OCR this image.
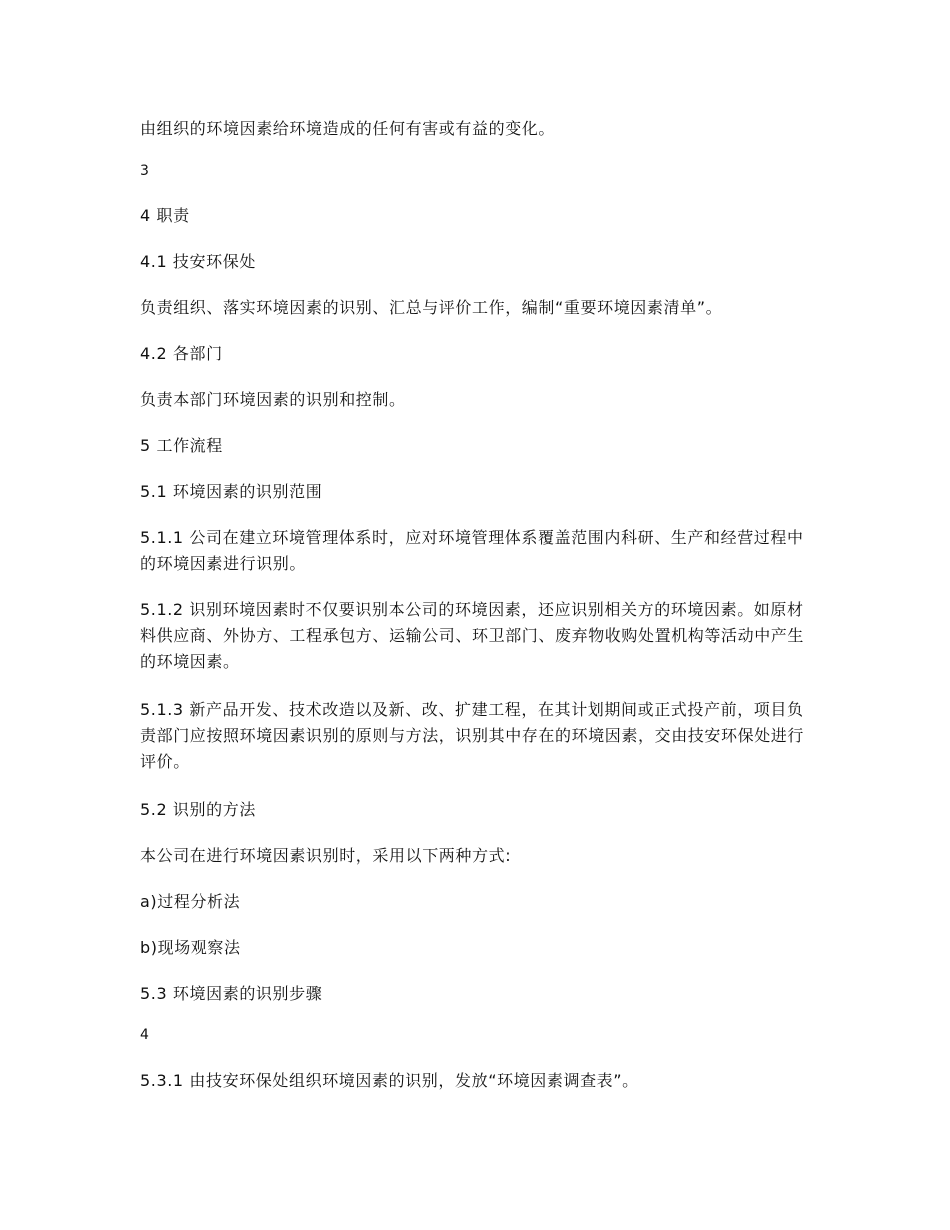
由组织的环境因素给环境造成的任何有害或有益的变化。

3

4 职责

4.1 技安环保处

负责组织、落实环境因素的识别、汇总与评价工作，编制“重要环境因素清单”。

4.2 各部门

负责本部门环境因素的识别和控制。

5 工作流程

5.1 环境因素的识别范围

5.1.1 公司在建立环境管理体系时，应对环境管理体系覆盖范围内科研、生产和经营过程中的环境因素进行识别。

5.1.2 识别环境因素时不仅要识别本公司的环境因素，还应识别相关方的环境因素。如原材料供应商、外协方、工程承包方、运输公司、环卫部门、废弃物收购处置机构等活动中产生的环境因素。

5.1.3 新产品开发、技术改造以及新、改、扩建工程，在其计划期间或正式投产前，项目负责部门应按照环境因素识别的原则与方法，识别其中存在的环境因素，交由技安环保处进行评价。

5.2 识别的方法

本公司在进行环境因素识别时，采用以下两种方式:

a)过程分析法

b)现场观察法

5.3 环境因素的识别步骤

4

5.3.1 由技安环保处组织环境因素的识别，发放“环境因素调查表”。
